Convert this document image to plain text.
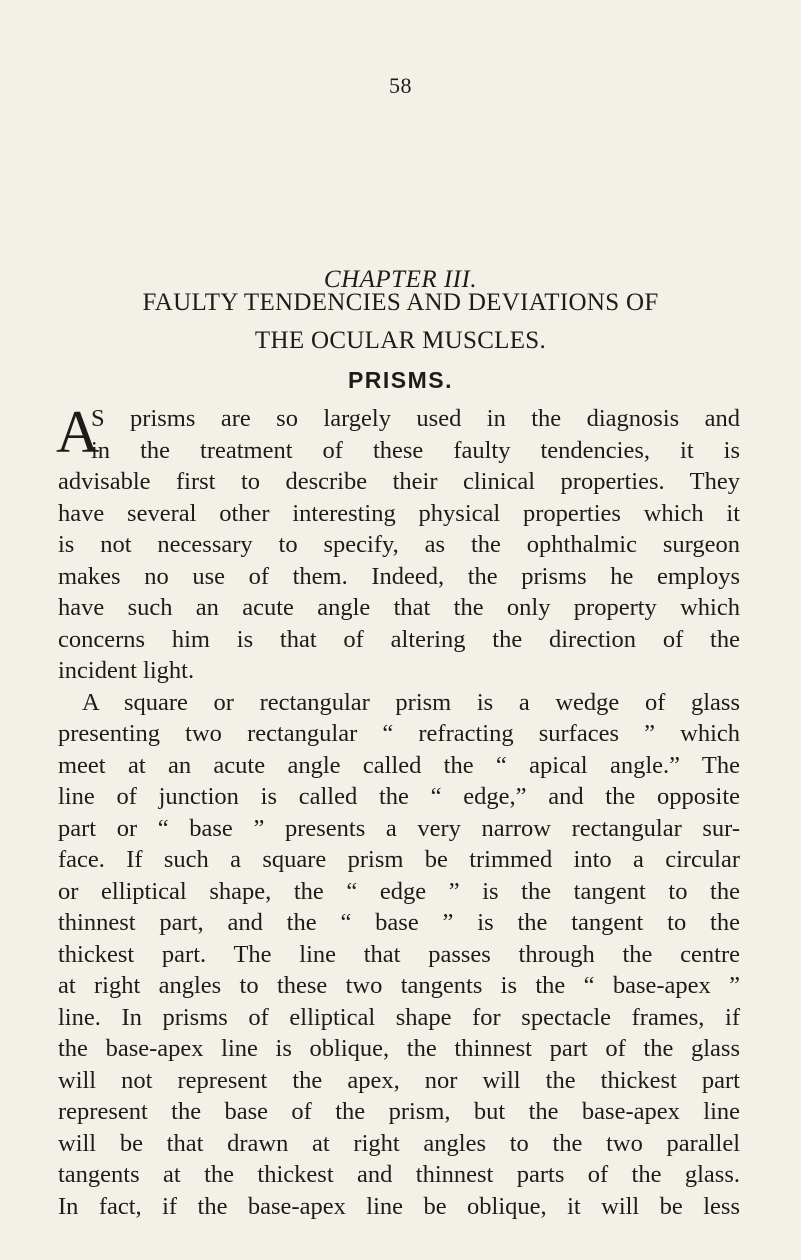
58
CHAPTER III.
FAULTY TENDENCIES AND DEVIATIONS OF
THE OCULAR MUSCLES.
PRISMS.
A
S prisms are so largely used in the diagnosis and
in the treatment of these faulty tendencies, it is
advisable first to describe their clinical properties. They
have several other interesting physical properties which it
is not necessary to specify, as the ophthalmic surgeon
makes no use of them. Indeed, the prisms he employs
have such an acute angle that the only property which
concerns him is that of altering the direction of the
incident light.
A square or rectangular prism is a wedge of glass
presenting two rectangular “ refracting surfaces ” which
meet at an acute angle called the “ apical angle.” The
line of junction is called the “ edge,” and the opposite
part or “ base ” presents a very narrow rectangular sur-
face. If such a square prism be trimmed into a circular
or elliptical shape, the “ edge ” is the tangent to the
thinnest part, and the “ base ” is the tangent to the
thickest part. The line that passes through the centre
at right angles to these two tangents is the “ base-apex ”
line. In prisms of elliptical shape for spectacle frames, if
the base-apex line is oblique, the thinnest part of the glass
will not represent the apex, nor will the thickest part
represent the base of the prism, but the base-apex line
will be that drawn at right angles to the two parallel
tangents at the thickest and thinnest parts of the glass.
In fact, if the base-apex line be oblique, it will be less
